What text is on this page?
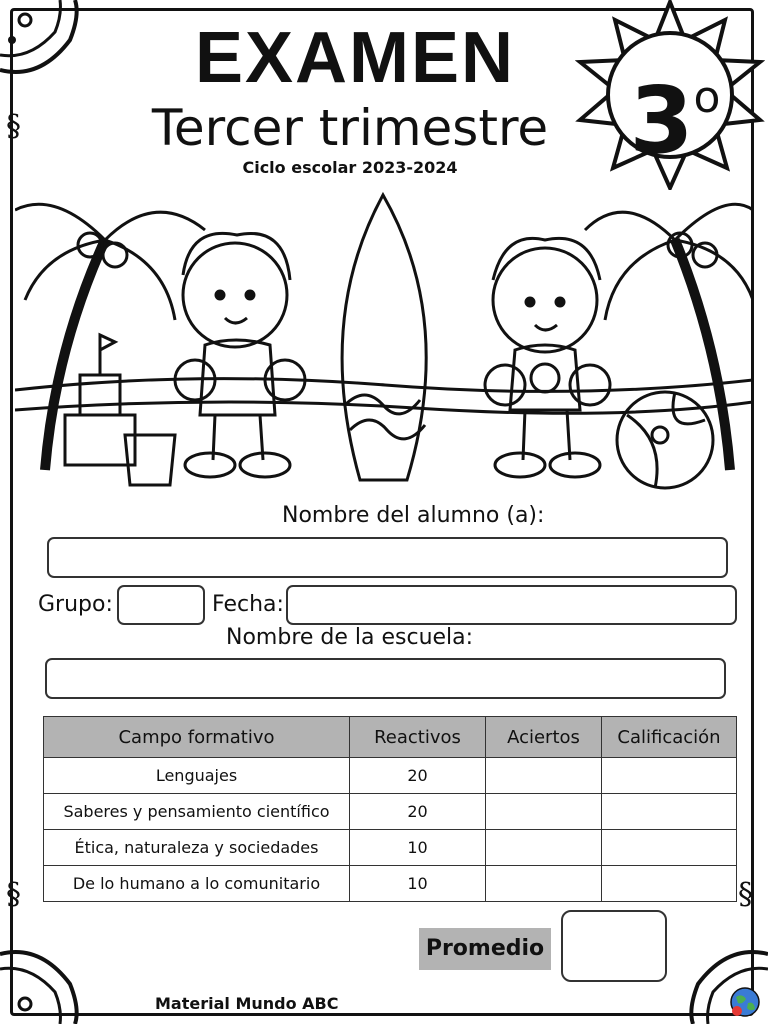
§
§	§
EXAMEN
Tercer trimestre
Ciclo escolar 2023-2024	3$^o$
Nombre del alumno (a):
Grupo:	Fecha:
Nombre de la escuela:
Campo formativo	Reactivos	Aciertos	Calificación
Lenguajes	20		
Saberes y pensamiento científico	20		
Ética, naturaleza y sociedades	10		
De lo humano a lo comunitario	10		
Promedio
Material Mundo ABC
